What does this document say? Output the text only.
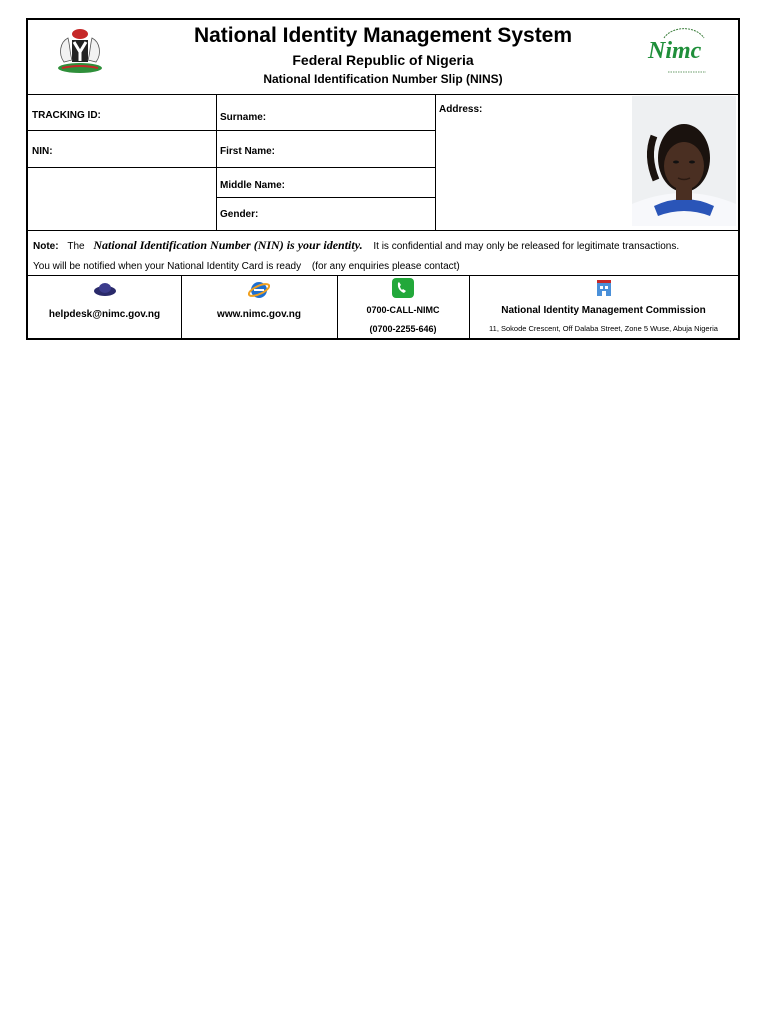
National Identity Management System
Federal Republic of Nigeria
National Identification Number Slip (NINS)
Nimc
TRACKING ID:
NIN:
Surname:
First Name:
Middle Name:
Gender:
Address:
Note: The National Identification Number (NIN) is your identity. It is confidential and may only be released for legitimate transactions.
You will be notified when your National Identity Card is ready (for any enquiries please contact)
helpdesk@nimc.gov.ng	www.nimc.gov.ng	0700-CALL-NIMC
(0700-2255-646)
National Identity Management Commission
11, Sokode Crescent, Off Dalaba Street, Zone 5 Wuse, Abuja Nigeria
